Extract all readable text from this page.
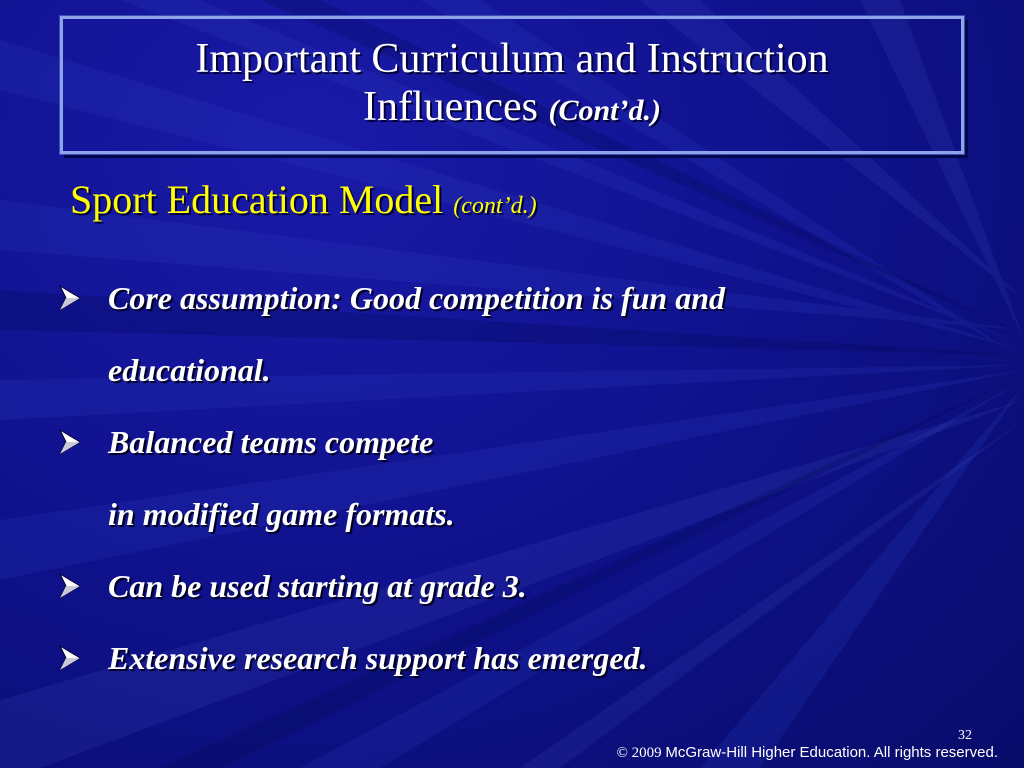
Important Curriculum and Instruction
Influences (Cont’d.)
Sport Education Model (cont’d.)
Core assumption: Good competition is fun and
educational.
Balanced teams compete
in modified game formats.
Can be used starting at grade 3.
Extensive research support has emerged.
32
© 2009 McGraw-Hill Higher Education. All rights reserved.
